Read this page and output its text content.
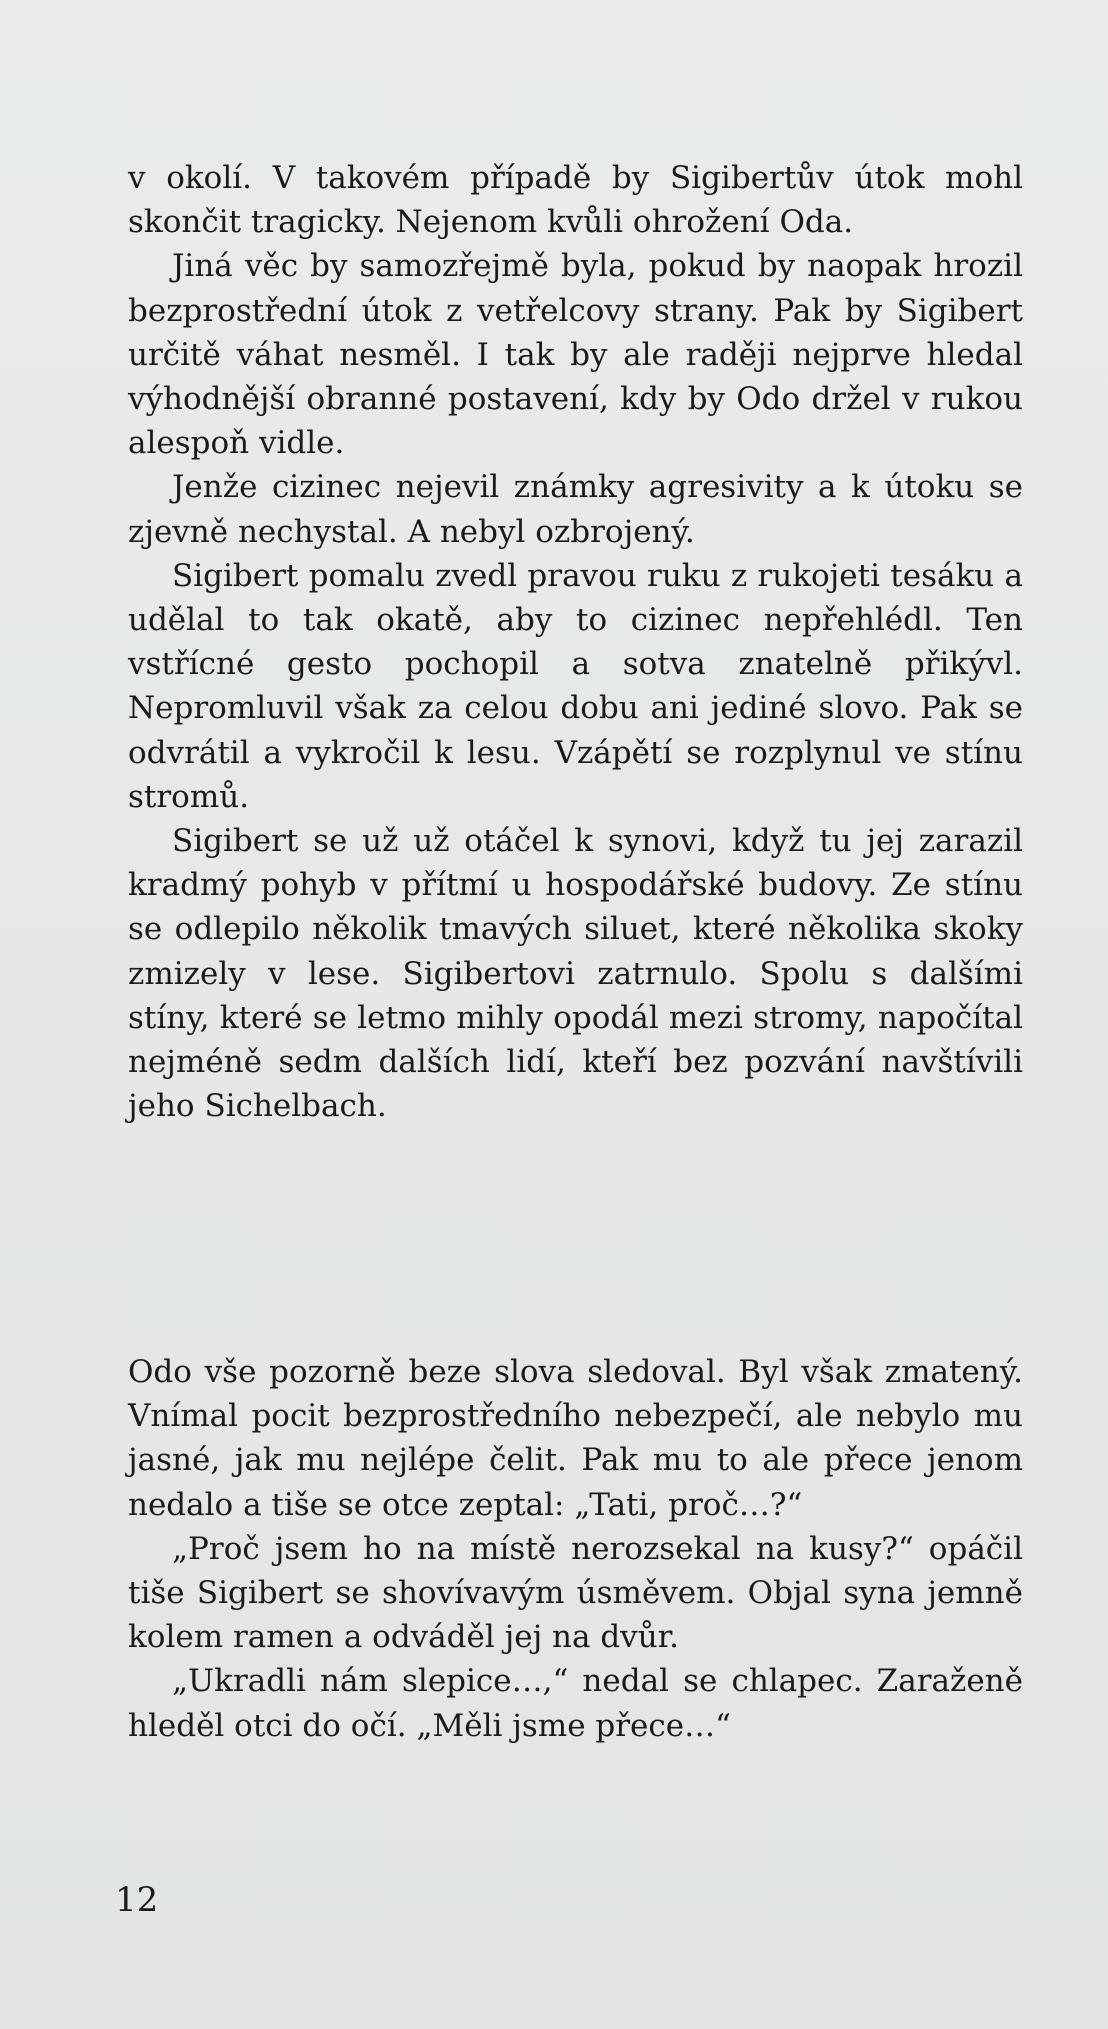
v okolí. V takovém případě by Sigibertův útok mohl skončit tragicky. Nejenom kvůli ohrožení Oda.

Jiná věc by samozřejmě byla, pokud by naopak hrozil bezprostřední útok z vetřelcovy strany. Pak by Sigibert určitě váhat nesměl. I tak by ale raději nejprve hledal výhodnější obranné postavení, kdy by Odo držel v rukou alespoň vidle.

Jenže cizinec nejevil známky agresivity a k útoku se zjevně nechystal. A nebyl ozbrojený.

Sigibert pomalu zvedl pravou ruku z rukojeti tesáku a udělal to tak okatě, aby to cizinec nepřehlédl. Ten vstřícné gesto pochopil a sotva znatelně přikývl. Nepromluvil však za celou dobu ani jediné slovo. Pak se odvrátil a vykročil k lesu. Vzápětí se rozplynul ve stínu stromů.

Sigibert se už už otáčel k synovi, když tu jej zarazil kradmý pohyb v přítmí u hospodářské budovy. Ze stínu se odlepilo několik tmavých siluet, které několika skoky zmizely v lese. Sigibertovi zatrnulo. Spolu s dalšími stíny, které se letmo mihly opodál mezi stromy, napočítal nejméně sedm dalších lidí, kteří bez pozvání navštívili jeho Sichelbach.

Odo vše pozorně beze slova sledoval. Byl však zmatený. Vnímal pocit bezprostředního nebezpečí, ale nebylo mu jasné, jak mu nejlépe čelit. Pak mu to ale přece jenom nedalo a tiše se otce zeptal: „Tati, proč…?“

„Proč jsem ho na místě nerozsekal na kusy?“ opáčil tiše Sigibert se shovívavým úsměvem. Objal syna jemně kolem ramen a odváděl jej na dvůr.

„Ukradli nám slepice…,“ nedal se chlapec. Zaraženě hleděl otci do očí. „Měli jsme přece…“

12
